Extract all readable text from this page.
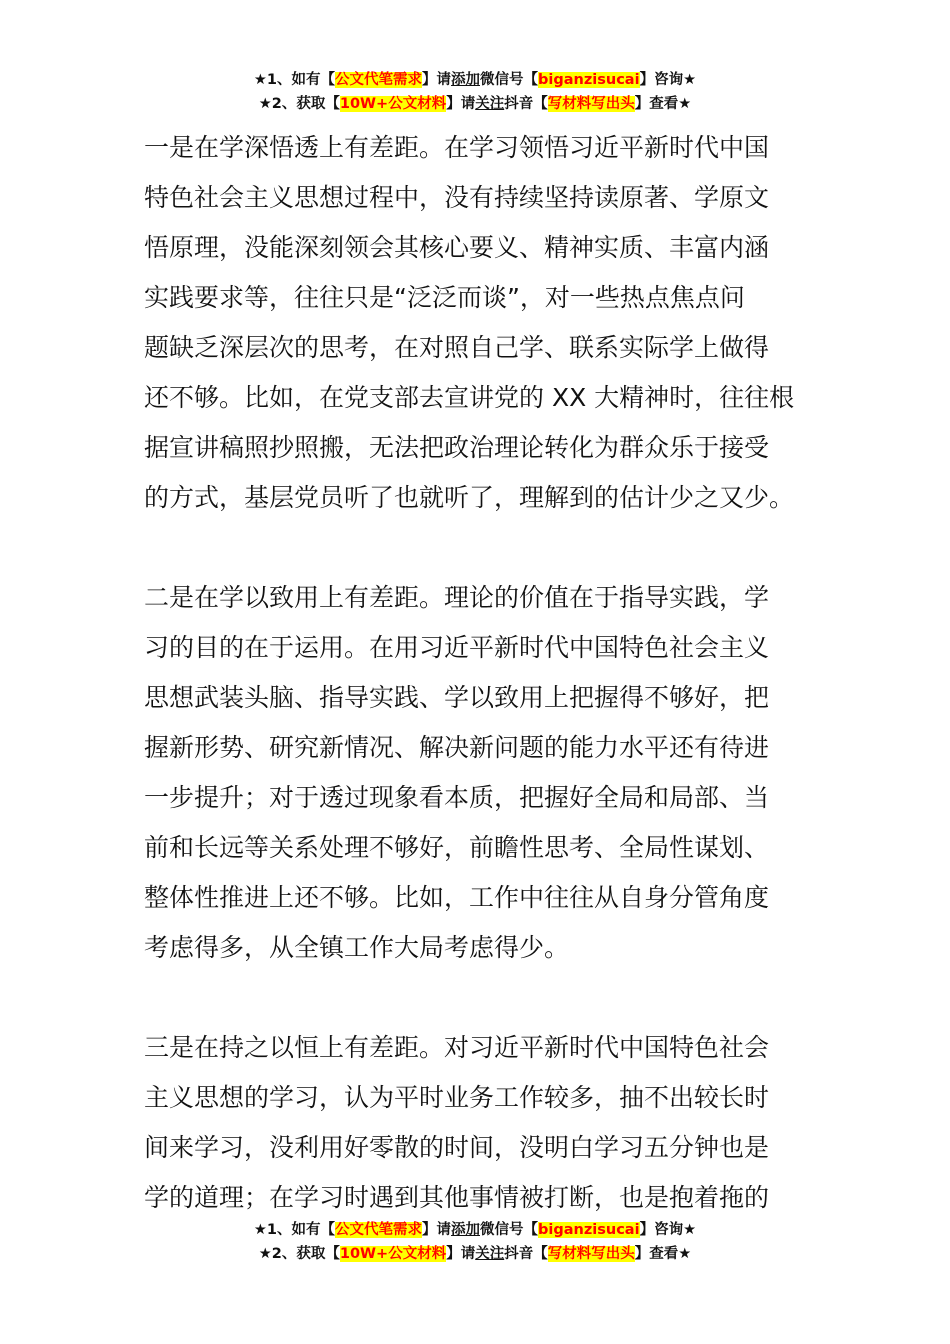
★1、如有【公文代笔需求】请添加微信号【biganzisucai】咨询★
★2、获取【10W+公文材料】请关注抖音【写材料写出头】查看★
一是在学深悟透上有差距。在学习领悟习近平新时代中国
特色社会主义思想过程中，没有持续坚持读原著、学原文
悟原理，没能深刻领会其核心要义、精神实质、丰富内涵
实践要求等，往往只是“泛泛而谈”，对一些热点焦点问
题缺乏深层次的思考，在对照自己学、联系实际学上做得
还不够。比如，在党支部去宣讲党的 XX 大精神时，往往根
据宣讲稿照抄照搬，无法把政治理论转化为群众乐于接受
的方式，基层党员听了也就听了，理解到的估计少之又少。
二是在学以致用上有差距。理论的价值在于指导实践，学
习的目的在于运用。在用习近平新时代中国特色社会主义
思想武装头脑、指导实践、学以致用上把握得不够好，把
握新形势、研究新情况、解决新问题的能力水平还有待进
一步提升；对于透过现象看本质，把握好全局和局部、当
前和长远等关系处理不够好，前瞻性思考、全局性谋划、
整体性推进上还不够。比如，工作中往往从自身分管角度
考虑得多，从全镇工作大局考虑得少。
三是在持之以恒上有差距。对习近平新时代中国特色社会
主义思想的学习，认为平时业务工作较多，抽不出较长时
间来学习，没利用好零散的时间，没明白学习五分钟也是
学的道理；在学习时遇到其他事情被打断，也是抱着拖的
★1、如有【公文代笔需求】请添加微信号【biganzisucai】咨询★
★2、获取【10W+公文材料】请关注抖音【写材料写出头】查看★
